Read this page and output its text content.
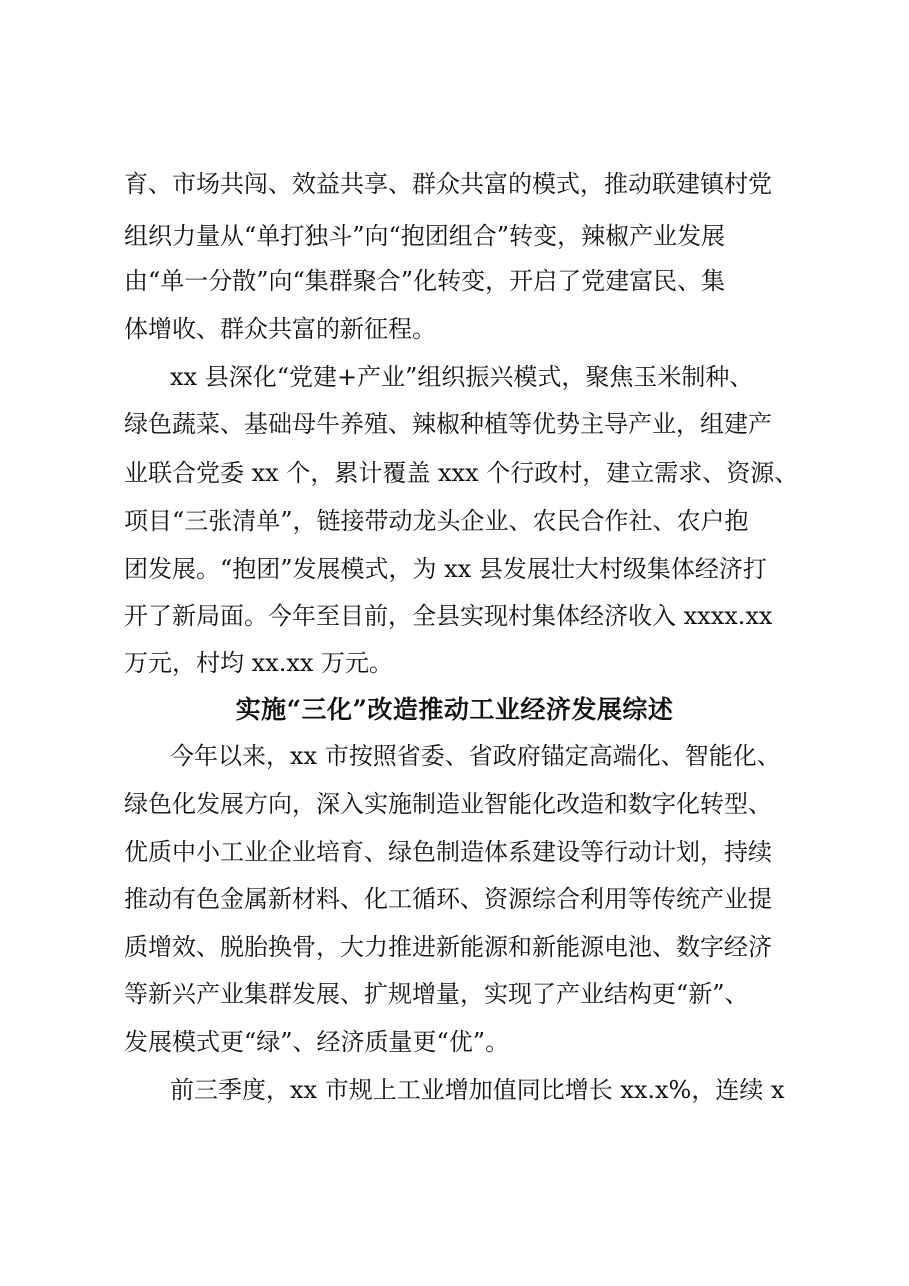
育、市场共闯、效益共享、群众共富的模式，推动联建镇村党
组织力量从“单打独斗”向“抱团组合”转变，辣椒产业发展
由“单一分散”向“集群聚合”化转变，开启了党建富民、集
体增收、群众共富的新征程。
xx 县深化“党建+产业”组织振兴模式，聚焦玉米制种、
绿色蔬菜、基础母牛养殖、辣椒种植等优势主导产业，组建产
业联合党委 xx 个，累计覆盖 xxx 个行政村，建立需求、资源、
项目“三张清单”，链接带动龙头企业、农民合作社、农户抱
团发展。“抱团”发展模式，为 xx 县发展壮大村级集体经济打
开了新局面。今年至目前，全县实现村集体经济收入 xxxx.xx
万元，村均 xx.xx 万元。
实施“三化”改造推动工业经济发展综述
今年以来，xx 市按照省委、省政府锚定高端化、智能化、
绿色化发展方向，深入实施制造业智能化改造和数字化转型、
优质中小工业企业培育、绿色制造体系建设等行动计划，持续
推动有色金属新材料、化工循环、资源综合利用等传统产业提
质增效、脱胎换骨，大力推进新能源和新能源电池、数字经济
等新兴产业集群发展、扩规增量，实现了产业结构更“新”、
发展模式更“绿”、经济质量更“优”。
前三季度，xx 市规上工业增加值同比增长 xx.x%，连续 x
